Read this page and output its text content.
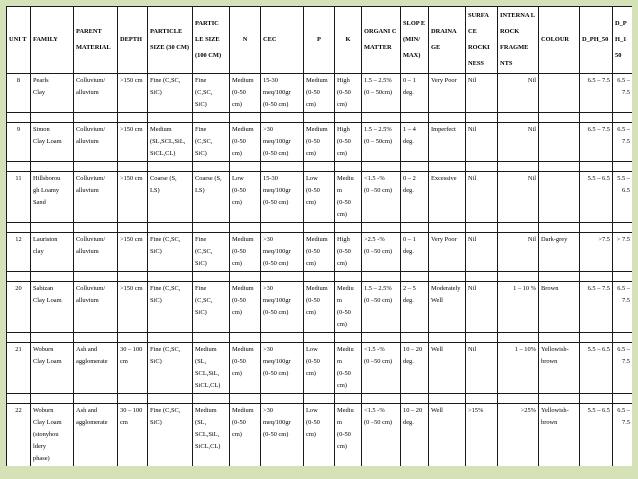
UNI T	FAMILY	PARENT MATERIAL	DEPTH	PARTICLE SIZE (30 CM)	PARTIC LE SIZE (100 CM)	N	CEC	P	K	ORGANI C MATTER	SLOP E (MIN/ MAX)	DRAINA GE	SURFA CE ROCKI NESS	INTERNA L ROCK FRAGME NTS	COLOUR	D_PH_50	D_PH_1 50
8	Pearls
Clay	Colluvium/
alluvium	>150 cm	Fine (C,SC,
SiC)	Fine
(C,SC,
SiC)	Medium
(0-50
cm)	15-30
meq/100gr
(0-50 cm)	Medium
(0-50
cm)	High
(0-50
cm)	1.5 – 2.5%
(0 – 50cm)	0 – 1
deg.	Very Poor	Nil	Nil		6.5 – 7.5	6.5 – 7.5

9	Simon
Clay Loam	Colluvium/
alluvium	>150 cm	Medium
(SL,SCL,SiL,
SiCL,CL)	Fine
(C,SC,
SiC)	Medium
(0-50
cm)	>30
meq/100gr
(0-50 cm)	Medium
(0-50
cm)	High
(0-50
cm)	1.5 – 2.5%
(0 – 50cm)	1 – 4
deg.	Imperfect	Nil	Nil		6.5 – 7.5	6.5 – 7.5

11	Hillsborou
gh Loamy
Sand	Colluvium/
alluvium	>150 cm	Coarse (S,
LS)	Coarse (S,
LS)	Low
(0-50
cm)	15-30
meq/100gr
(0-50 cm)	Low
(0-50
cm)	Mediu
m
(0-50
cm)	<1.5 -%
(0 –50 cm)	0 – 2
deg.	Excessive	Nil	Nil		5.5 – 6.5	5.5 – 6.5

12	Lauriston
clay	Colluvium/
alluvium	>150 cm	Fine (C,SC,
SiC)	Fine
(C,SC,
SiC)	Medium
(0-50
cm)	>30
meq/100gr
(0-50 cm)	Medium
(0-50
cm)	High
(0-50
cm)	>2.5 -%
(0 –50 cm)	0 – 1
deg.	Very Poor	Nil	Nil	Dark-grey	>7.5	> 7.5

20	Sabizan
Clay Loam	Colluvium/
alluvium	>150 cm	Fine (C,SC,
SiC)	Fine
(C,SC,
SiC)	Medium
(0-50
cm)	>30
meq/100gr
(0-50 cm)	Medium
(0-50
cm)	Mediu
m
(0-50
cm)	1.5 – 2.5%
(0 –50 cm)	2 – 5
deg.	Moderately
Well	Nil	1 – 10 %	Brown	6.5 – 7.5	6.5 – 7.5

21	Woburn
Clay Loam	Ash and
agglomerate	30 – 100
cm	Fine (C,SC,
SiC)	Medium
(SL,
SCL,SiL,
SiCL,CL)	Medium
(0-50
cm)	>30
meq/100gr
(0-50 cm)	Low
(0-50
cm)	Mediu
m
(0-50
cm)	<1.5 -%
(0 –50 cm)	10 – 20
deg.	Well	Nil	1 – 10%	Yellowish-
brown	5.5 – 6.5	6.5 – 7.5

22	Woburn
Clay Loam
(stonyhou
ldery
phase)	Ash and
agglomerate	30 – 100
cm	Fine (C,SC,
SiC)	Medium
(SL,
SCL,SiL,
SiCL,CL)	Medium
(0-50
cm)	>30
meq/100gr
(0-50 cm)	Low
(0-50
cm)	Mediu
m
(0-50
cm)	<1.5 -%
(0 –50 cm)	10 – 20
deg.	Well	>15%	>25%	Yellowish-
brown	5.5 – 6.5	6.5 – 7.5
